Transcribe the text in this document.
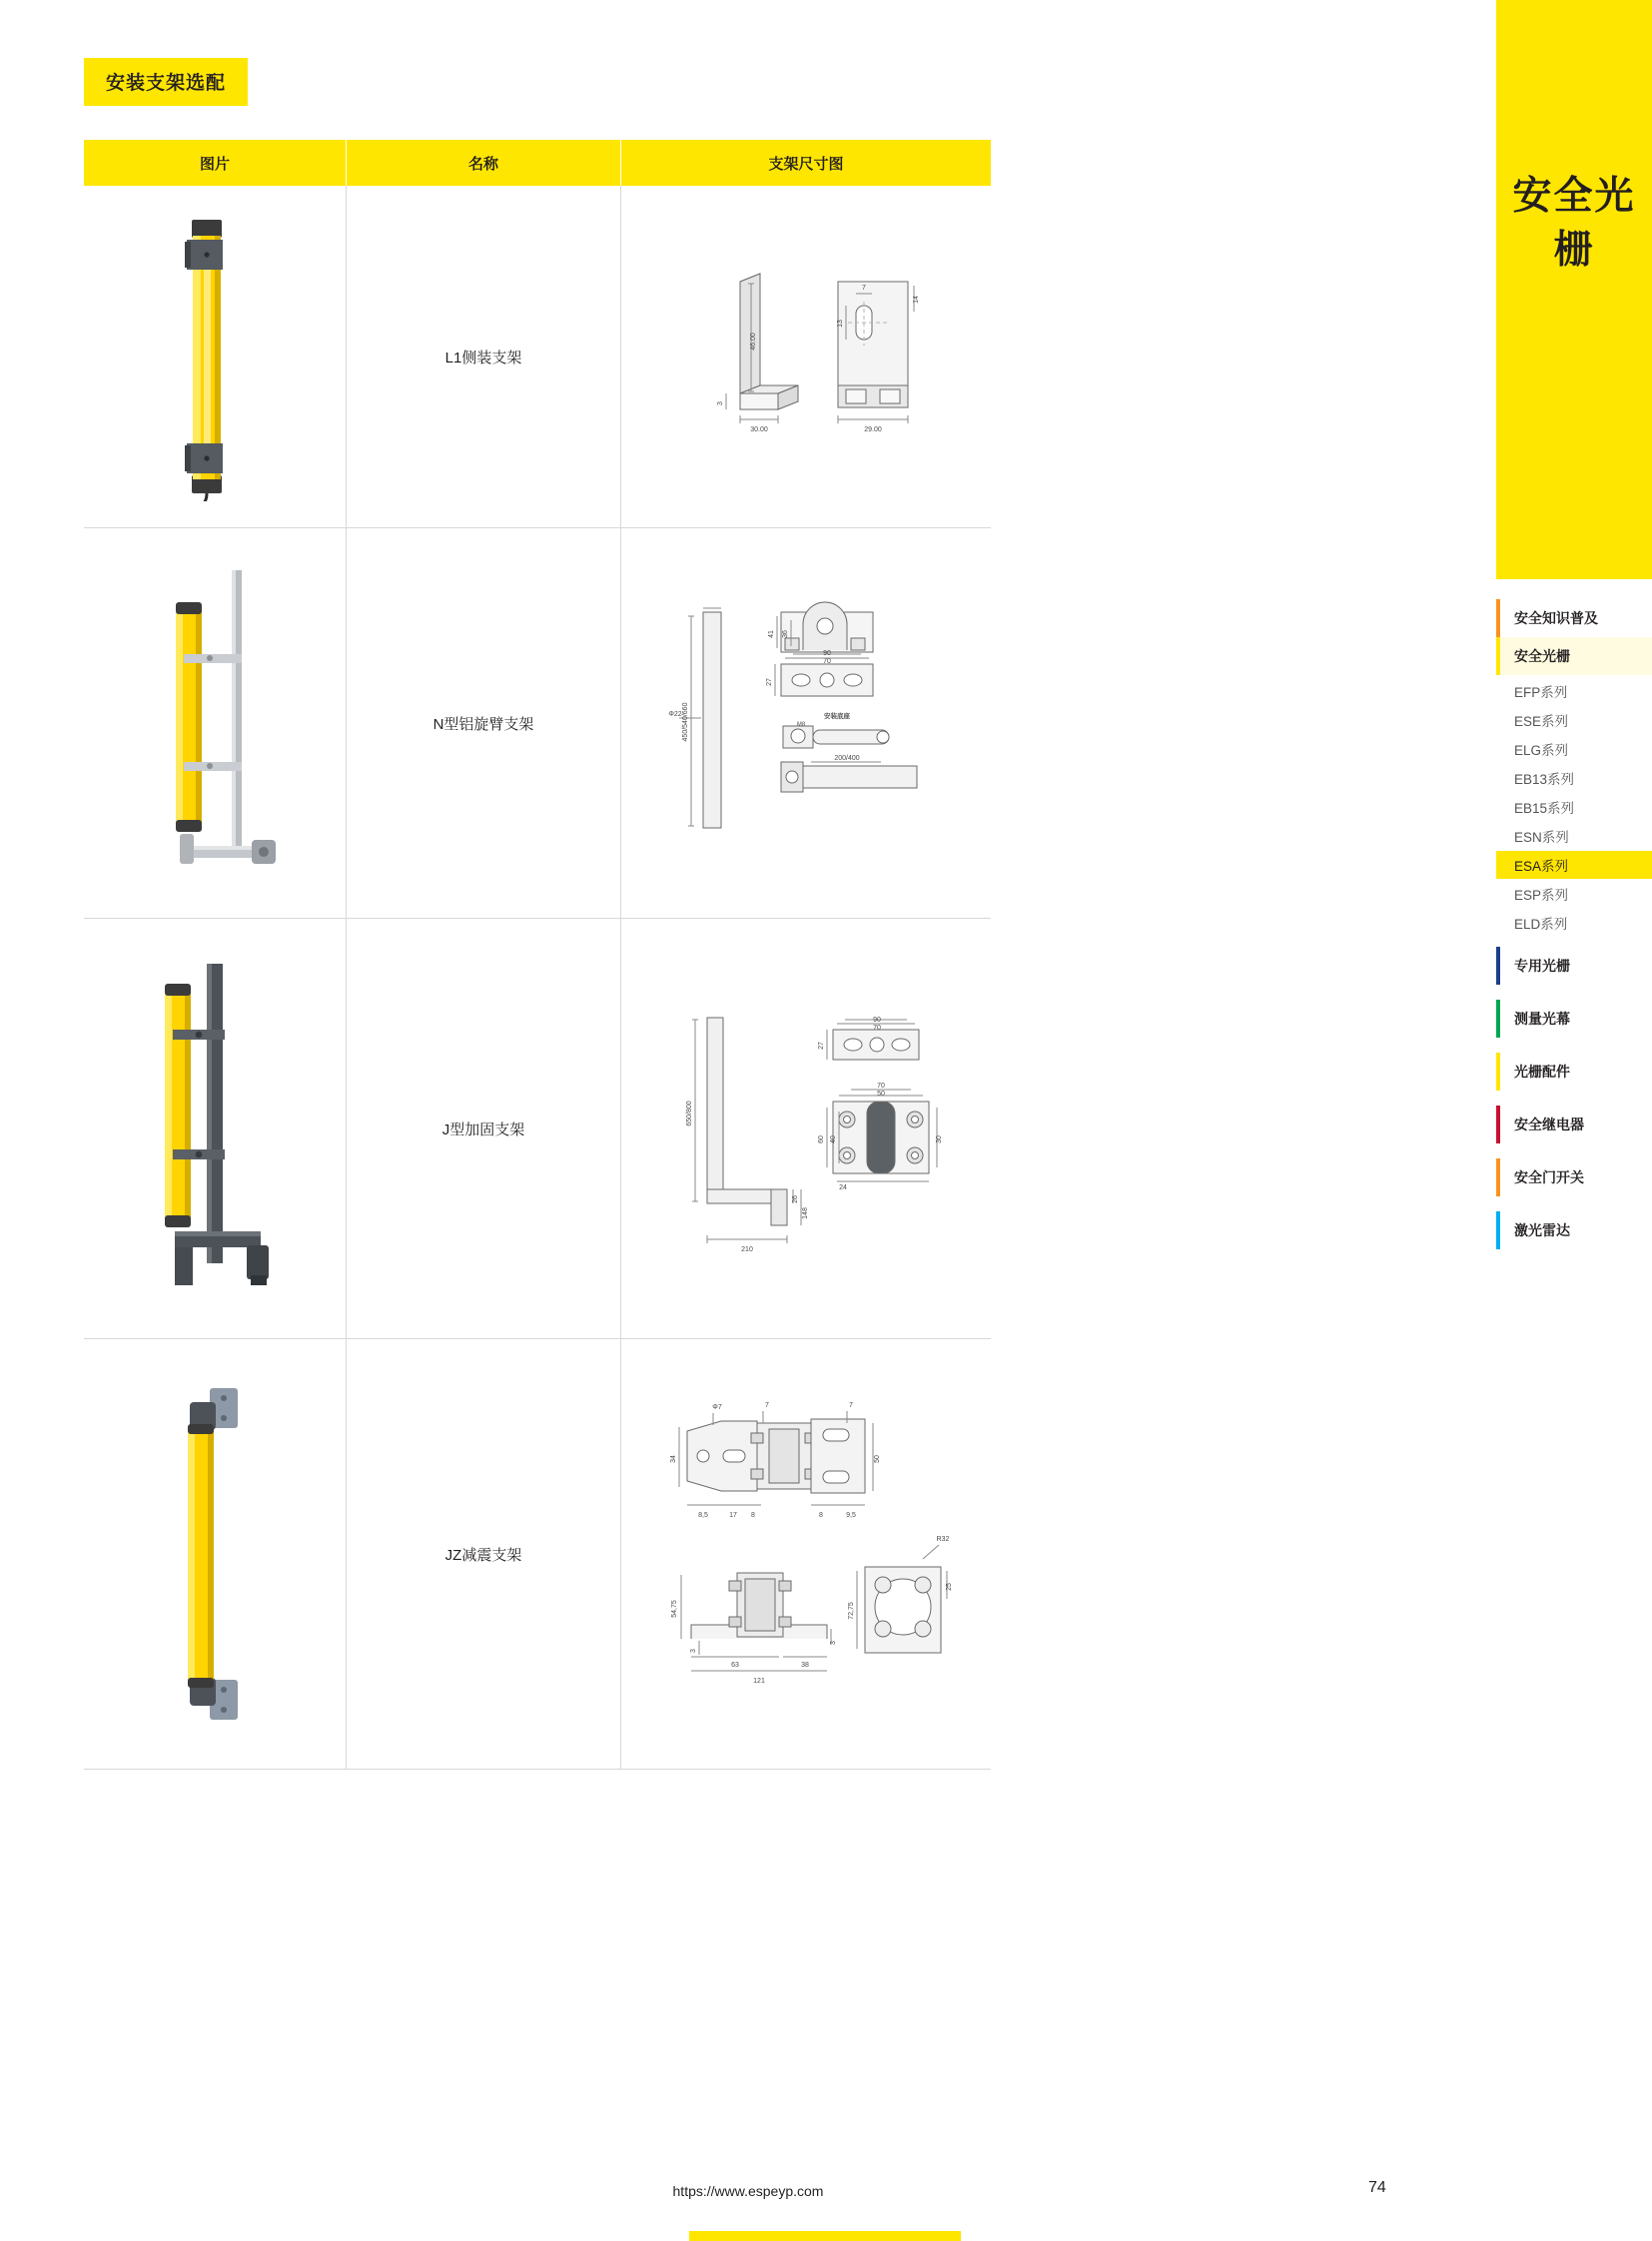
安装支架选配
图片	名称	支架尺寸图

	L1侧装支架	
46.00
30.00
3
29.00
13
14
7

	N型铝旋臂支架	450/540/660
Φ22
41 36
90
70
27
安装底座
M8
200/400

	J型加固支架	
650/800
26
148
210
90
70
27
70
50
60 40	30
24

	JZ减震支架	
34
8,5	17 8
Φ7	7	7
50
8	9,5
54,75
3
63
121
38
3
72,75
R32
25
https://www.espeyp.com	74
安全光栅
安全知识普及
安全光栅
EFP系列
ESE系列
ELG系列
EB13系列
EB15系列
ESN系列
ESA系列
ESP系列
ELD系列
专用光栅
测量光幕
光栅配件
安全继电器
安全门开关
激光雷达
